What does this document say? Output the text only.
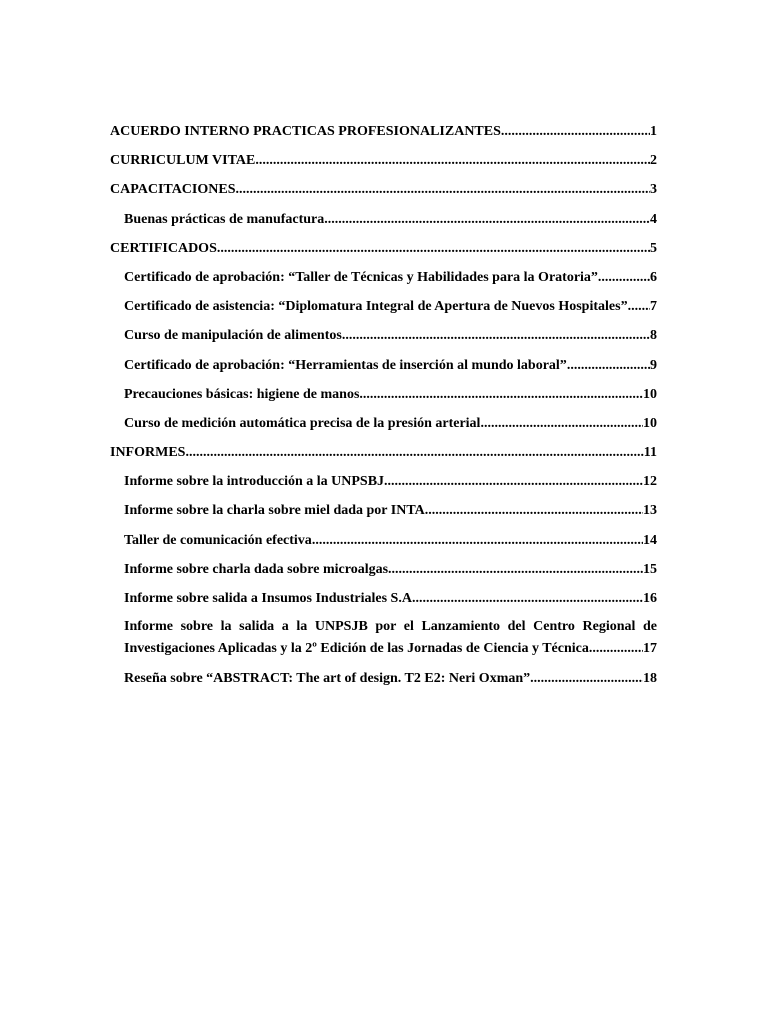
ACUERDO INTERNO PRACTICAS PROFESIONALIZANTES .....	1
CURRICULUM VITAE .....	2
CAPACITACIONES .....	3
Buenas prácticas de manufactura .....	4
CERTIFICADOS .....	5
Certificado de aprobación: “Taller de Técnicas y Habilidades para la Oratoria” .....	6
Certificado de asistencia: “Diplomatura Integral de Apertura de Nuevos Hospitales” ..... 7
Curso de manipulación de alimentos .....	8
Certificado de aprobación: “Herramientas de inserción al mundo laboral” .....	9
Precauciones básicas: higiene de manos .....	10
Curso de medición automática precisa de la presión arterial .....	10
INFORMES .....	11
Informe sobre la introducción a la UNPSBJ .....	12
Informe sobre la charla sobre miel dada por INTA .....	13
Taller de comunicación efectiva .....	14
Informe sobre charla dada sobre microalgas .....	15
Informe sobre salida a Insumos Industriales S.A. .....	16
Informe sobre la salida a la UNPSJB por el Lanzamiento del Centro Regional de
Investigaciones Aplicadas y la 2º Edición de las Jornadas de Ciencia y Técnica .....	17
Reseña sobre “ABSTRACT: The art of design. T2 E2: Neri Oxman” .....	18
